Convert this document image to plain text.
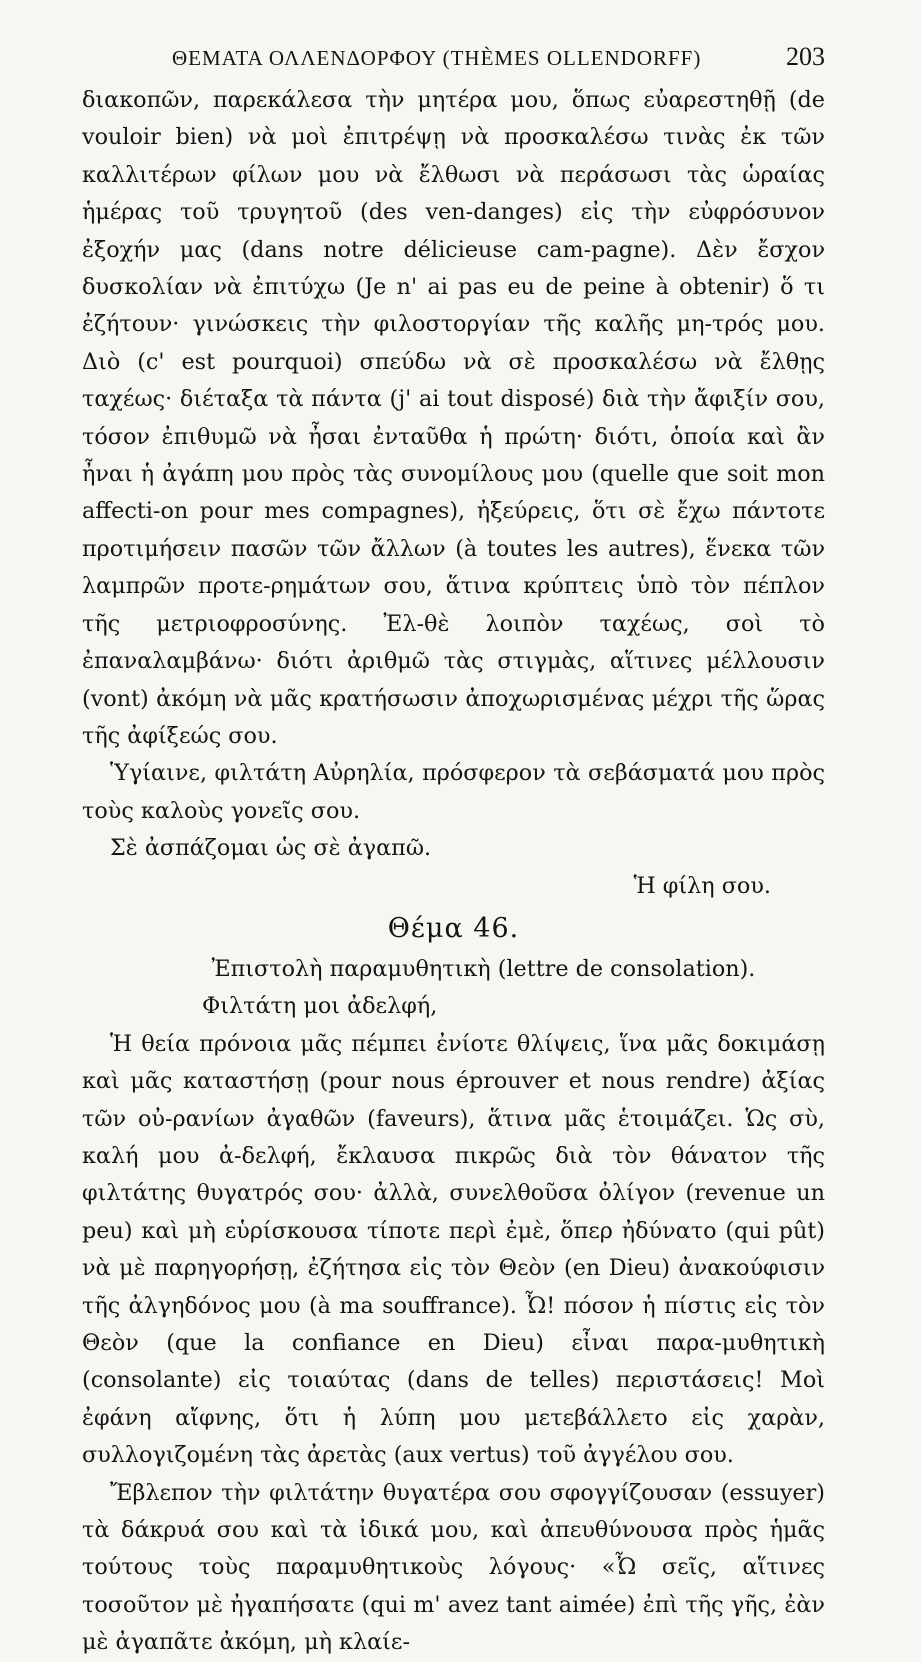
ΘΕΜΑΤΑ ΟΛΛΕΝΔΟΡΦΟΥ (THÈMES OLLENDORFF)	203

διακοπῶν, παρεκάλεσα τὴν μητέρα μου, ὅπως εὐαρεστηθῇ (de vouloir bien) νὰ μοὶ ἐπιτρέψῃ νὰ προσκαλέσω τινὰς ἐκ τῶν καλλιτέρων φίλων μου νὰ ἔλθωσι νὰ περάσωσι τὰς ὡραίας ἡμέρας τοῦ τρυγητοῦ (des ven-danges) εἰς τὴν εὐφρόσυνον ἐξοχήν μας (dans notre délicieuse cam-pagne). Δὲν ἔσχον δυσκολίαν νὰ ἐπιτύχω (Je n' ai pas eu de peine à obtenir) ὅ τι ἐζήτουν· γινώσκεις τὴν φιλοστοργίαν τῆς καλῆς μη-τρός μου. Διὸ (c' est pourquoi) σπεύδω νὰ σὲ προσκαλέσω νὰ ἔλθῃς ταχέως· διέταξα τὰ πάντα (j' ai tout disposé) διὰ τὴν ἄφιξίν σου, τόσον ἐπιθυμῶ νὰ ἦσαι ἐνταῦθα ἡ πρώτη· διότι, ὁποία καὶ ἂν ἦναι ἡ ἀγάπη μου πρὸς τὰς συνομίλους μου (quelle que soit mon affecti-on pour mes compagnes), ἠξεύρεις, ὅτι σὲ ἔχω πάντοτε προτιμήσειν πασῶν τῶν ἄλλων (à toutes les autres), ἕνεκα τῶν λαμπρῶν προτε-ρημάτων σου, ἅτινα κρύπτεις ὑπὸ τὸν πέπλον τῆς μετριοφροσύνης. Ἐλ-θὲ λοιπὸν ταχέως, σοὶ τὸ ἐπαναλαμβάνω· διότι ἀριθμῶ τὰς στιγμὰς, αἵτινες μέλλουσιν (vont) ἀκόμη νὰ μᾶς κρατήσωσιν ἀποχωρισμένας μέχρι τῆς ὥρας τῆς ἀφίξεώς σου.

Ὑγίαινε, φιλτάτη Αὐρηλία, πρόσφερον τὰ σεβάσματά μου πρὸς τοὺς καλοὺς γονεῖς σου.

Σὲ ἀσπάζομαι ὡς σὲ ἀγαπῶ.

Ἡ φίλη σου.

Θέμα 46.

Ἐπιστολὴ παραμυθητικὴ (lettre de consolation).

Φιλτάτη μοι ἀδελφή,

Ἡ θεία πρόνοια μᾶς πέμπει ἐνίοτε θλίψεις, ἵνα μᾶς δοκιμάσῃ καὶ μᾶς καταστήσῃ (pour nous éprouver et nous rendre) ἀξίας τῶν οὐ-ρανίων ἀγαθῶν (faveurs), ἅτινα μᾶς ἑτοιμάζει. Ὡς σὺ, καλή μου ἀ-δελφή, ἔκλαυσα πικρῶς διὰ τὸν θάνατον τῆς φιλτάτης θυγατρός σου· ἀλλὰ, συνελθοῦσα ὀλίγον (revenue un peu) καὶ μὴ εὑρίσκουσα τίποτε περὶ ἐμὲ, ὅπερ ἠδύνατο (qui pût) νὰ μὲ παρηγορήσῃ, ἐζήτησα εἰς τὸν Θεὸν (en Dieu) ἀνακούφισιν τῆς ἀλγηδόνος μου (à ma souffrance). Ὦ! πόσον ἡ πίστις εἰς τὸν Θεὸν (que la confiance en Dieu) εἶναι παρα-μυθητικὴ (consolante) εἰς τοιαύτας (dans de telles) περιστάσεις! Μοὶ ἐφάνη αἴφνης, ὅτι ἡ λύπη μου μετεβάλλετο εἰς χαρὰν, συλλογιζομένη τὰς ἀρετὰς (aux vertus) τοῦ ἀγγέλου σου.

Ἔβλεπον τὴν φιλτάτην θυγατέρα σου σφογγίζουσαν (essuyer) τὰ δάκρυά σου καὶ τὰ ἰδικά μου, καὶ ἀπευθύνουσα πρὸς ἡμᾶς τούτους τοὺς παραμυθητικοὺς λόγους· «Ὦ σεῖς, αἵτινες τοσοῦτον μὲ ἠγαπήσατε (qui m' avez tant aimée) ἐπὶ τῆς γῆς, ἐὰν μὲ ἀγαπᾶτε ἀκόμη, μὴ κλαίε-
